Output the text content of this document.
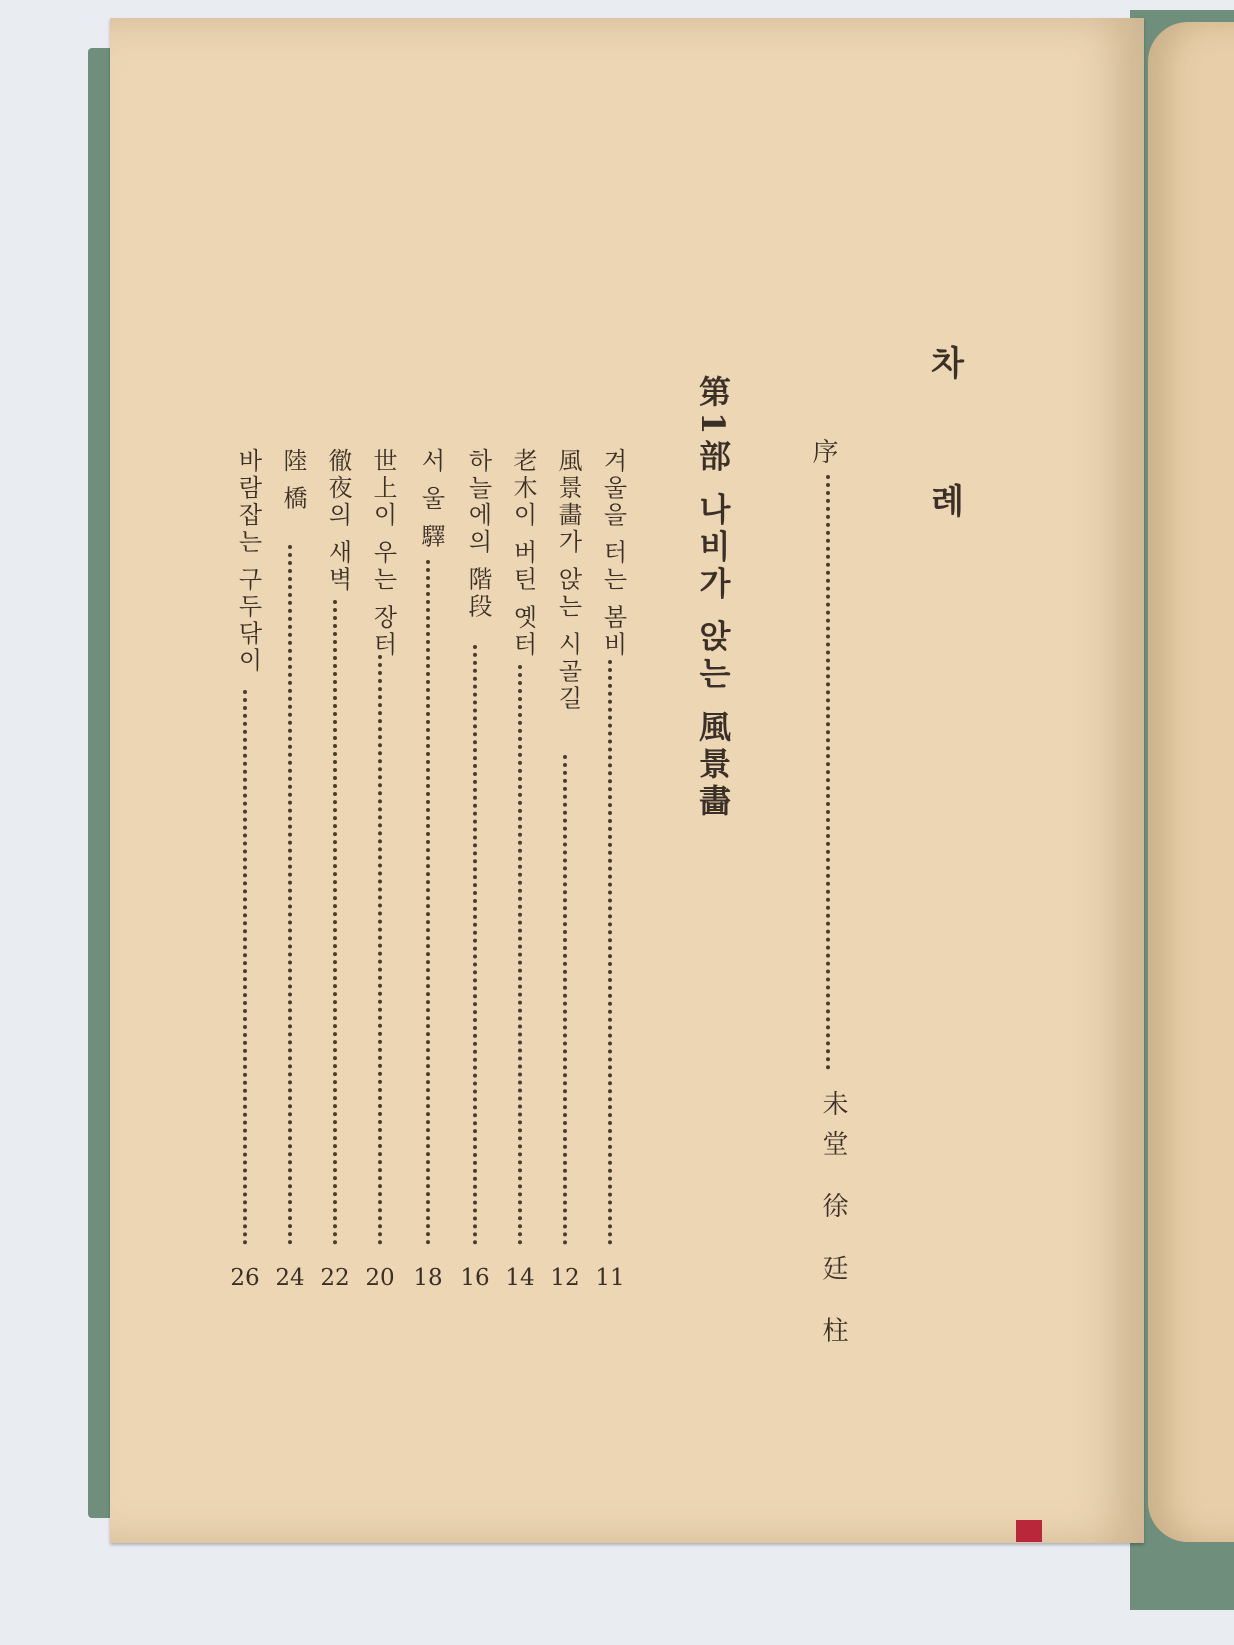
차 례
序
未堂 徐 廷 柱
第1部 나비가 앉는 風景畵
겨울을 터는 봄비
11
風景畵가 앉는 시골길
12
老木이 버틴 옛터
14
하늘에의 階段
16
서 울 驛
18
世上이 우는 장터
20
徹夜의 새벽
22
陸 橋
24
바람잡는 구두닦이
26
